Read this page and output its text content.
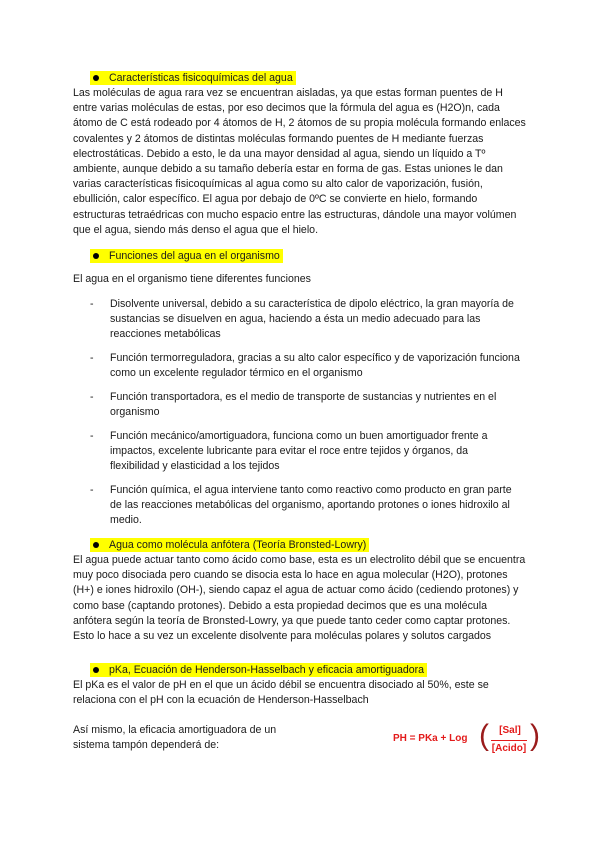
Características fisicoquímicas del agua

Las moléculas de agua rara vez se encuentran aisladas, ya que estas forman puentes de H entre varias moléculas de estas, por eso decimos que la fórmula del agua es (H2O)n, cada átomo de C está rodeado por 4 átomos de H, 2 átomos de su propia molécula formando enlaces covalentes y 2 átomos de distintas moléculas formando puentes de H mediante fuerzas electrostáticas. Debido a esto, le da una mayor densidad al agua, siendo un líquido a Tº ambiente, aunque debido a su tamaño debería estar en forma de gas. Estas uniones le dan varias características fisicoquímicas al agua como su alto calor de vaporización, fusión, ebullición, calor específico. El agua por debajo de 0ºC se convierte en hielo, formando estructuras tetraédricas con mucho espacio entre las estructuras, dándole una mayor volúmen que el agua, siendo más denso el agua que el hielo.

Funciones del agua en el organismo

El agua en el organismo tiene diferentes funciones

- Disolvente universal, debido a su característica de dipolo eléctrico, la gran mayoría de sustancias se disuelven en agua, haciendo a ésta un medio adecuado para las reacciones metabólicas
- Función termorreguladora, gracias a su alto calor específico y de vaporización funciona como un excelente regulador térmico en el organismo
- Función transportadora, es el medio de transporte de sustancias y nutrientes en el organismo
- Función mecánico/amortiguadora, funciona como un buen amortiguador frente a impactos, excelente lubricante para evitar el roce entre tejidos y órganos, da flexibilidad y elasticidad a los tejidos
- Función química, el agua interviene tanto como reactivo como producto en gran parte de las reacciones metabólicas del organismo, aportando protones o iones hidroxilo al medio.
Agua como molécula anfótera (Teoría Bronsted-Lowry)

El agua puede actuar tanto como ácido como base, esta es un electrolito débil que se encuentra muy poco disociada pero cuando se disocia esta lo hace en agua molecular (H2O), protones (H+) e iones hidroxilo (OH-), siendo capaz el agua de actuar como ácido (cediendo protones) y como base (captando protones). Debido a esta propiedad decimos que es una molécula anfótera según la teoría de Bronsted-Lowry, ya que puede tanto ceder como captar protones. Esto lo hace a su vez un excelente disolvente para moléculas polares y solutos cargados

pKa, Ecuación de Henderson-Hasselbach y eficacia amortiguadora

El pKa es el valor de pH en el que un ácido débil se encuentra disociado al 50%, este se relaciona con el pH con la ecuación de Henderson-Hasselbach

Así mismo, la eficacia amortiguadora de un sistema tampón dependerá de:

PH = PKa + Log (	[Sal]
[Acido] )
